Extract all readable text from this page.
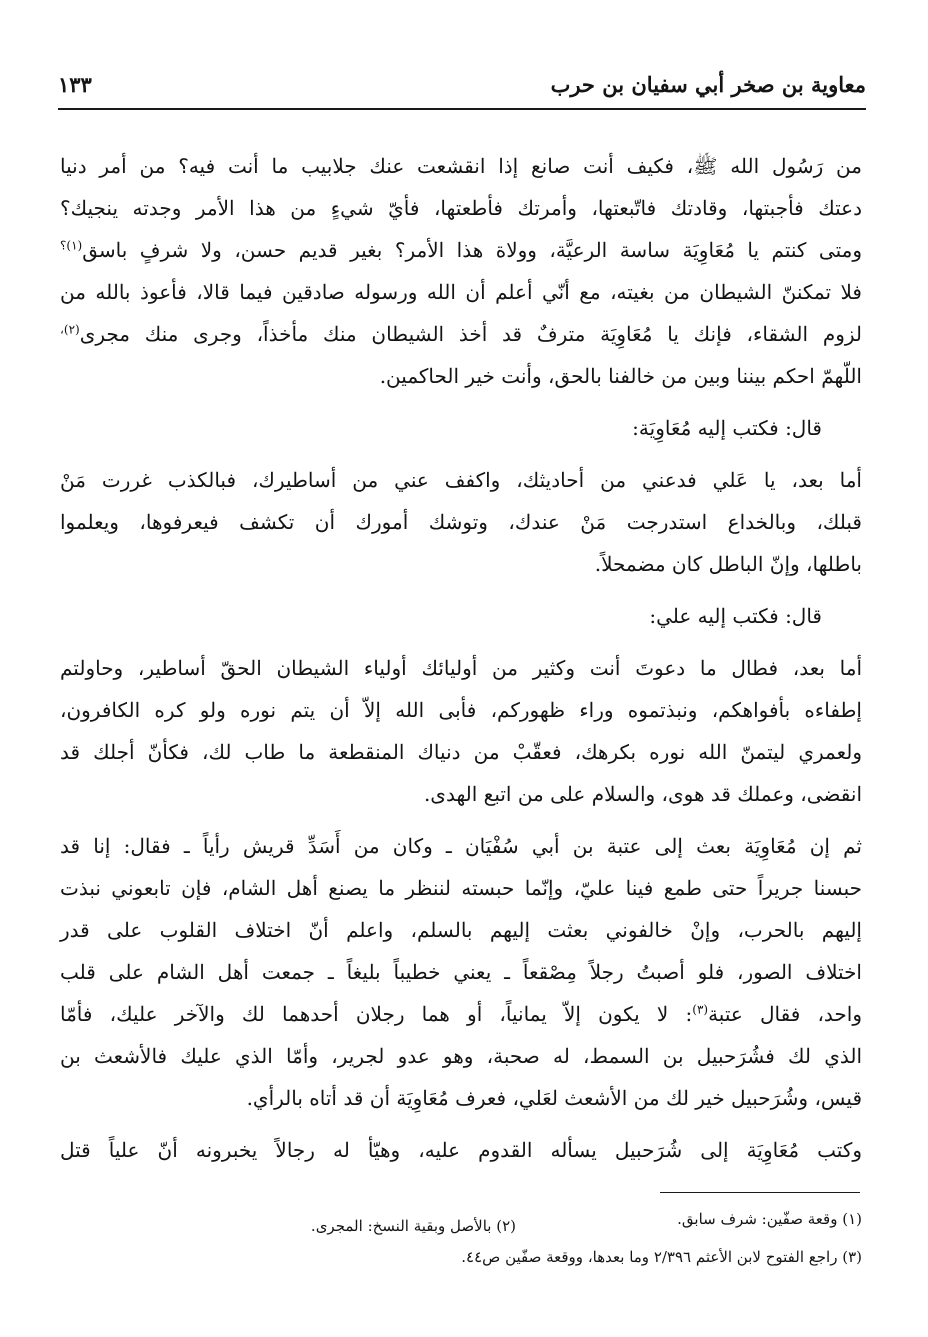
معاوية بن صخر أبي سفيان بن حرب
١٣٣
من رَسُول الله ﷺ، فكيف أنت صانع إذا انقشعت عنك جلابيب ما أنت فيه؟ من أمر دنيا
دعتك فأجبتها، وقادتك فاتّبعتها، وأمرتك فأطعتها، فأيّ شيءٍ من هذا الأمر وجدته ينجيك؟
ومتى كنتم يا مُعَاوِيَة ساسة الرعيَّة، وولاة هذا الأمر؟ بغير قديم حسن، ولا شرفٍ باسق$^{(١)؟}$
فلا تمكننّ الشيطان من بغيته، مع أنّي أعلم أن الله ورسوله صادقين فيما قالا، فأعوذ بالله من
لزوم الشقاء، فإنك يا مُعَاوِيَة مترفٌ قد أخذ الشيطان منك مأخذاً، وجرى منك مجرى$^{(٢)،}$
اللّهمّ احكم بيننا وبين من خالفنا بالحق، وأنت خير الحاكمين.
قال: فكتب إليه مُعَاوِيَة:
أما بعد، يا عَلي فدعني من أحاديثك، واكفف عني من أساطيرك، فبالكذب غررت مَنْ
قبلك، وبالخداع استدرجت مَنْ عندك، وتوشك أمورك أن تكشف فيعرفوها، ويعلموا
باطلها، وإنّ الباطل كان مضمحلاً.
قال: فكتب إليه علي:
أما بعد، فطال ما دعوتَ أنت وكثير من أوليائك أولياء الشيطان الحقّ أساطير، وحاولتم
إطفاءه بأفواهكم، ونبذتموه وراء ظهوركم، فأبى الله إلاّ أن يتم نوره ولو كره الكافرون،
ولعمري ليتمنّ الله نوره بكرهك، فعقّبْ من دنياك المنقطعة ما طاب لك، فكأنّ أجلك قد
انقضى، وعملك قد هوى، والسلام على من اتبع الهدى.
ثم إن مُعَاوِيَة بعث إلى عتبة بن أبي سُفْيَان ـ وكان من أَسَدِّ قريش رأياً ـ فقال: إنا قد
حبسنا جريراً حتى طمع فينا عليّ، وإنّما حبسته لننظر ما يصنع أهل الشام، فإن تابعوني نبذت
إليهم بالحرب، وإنْ خالفوني بعثت إليهم بالسلم، واعلم أنّ اختلاف القلوب على قدر
اختلاف الصور، فلو أصبتُ رجلاً مِصْقعاً ـ يعني خطيباً بليغاً ـ جمعت أهل الشام على قلب
واحد، فقال عتبة$^{(٣)}$: لا يكون إلاّ يمانياً، أو هما رجلان أحدهما لك والآخر عليك، فأمّا
الذي لك فشُرَحبيل بن السمط، له صحبة، وهو عدو لجرير، وأمّا الذي عليك فالأشعث بن
قيس، وشُرَحبيل خير لك من الأشعث لعَلي، فعرف مُعَاوِيَة أن قد أتاه بالرأي.
وكتب مُعَاوِيَة إلى شُرَحبيل يسأله القدوم عليه، وهيّأ له رجالاً يخبرونه أنّ علياً قتل
(١) وقعة صفّين: شرف سابق.
(٢) بالأصل وبقية النسخ: المجرى.
(٣) راجع الفتوح لابن الأعثم ٢/٣٩٦ وما بعدها، ووقعة صفّين ص٤٤.
